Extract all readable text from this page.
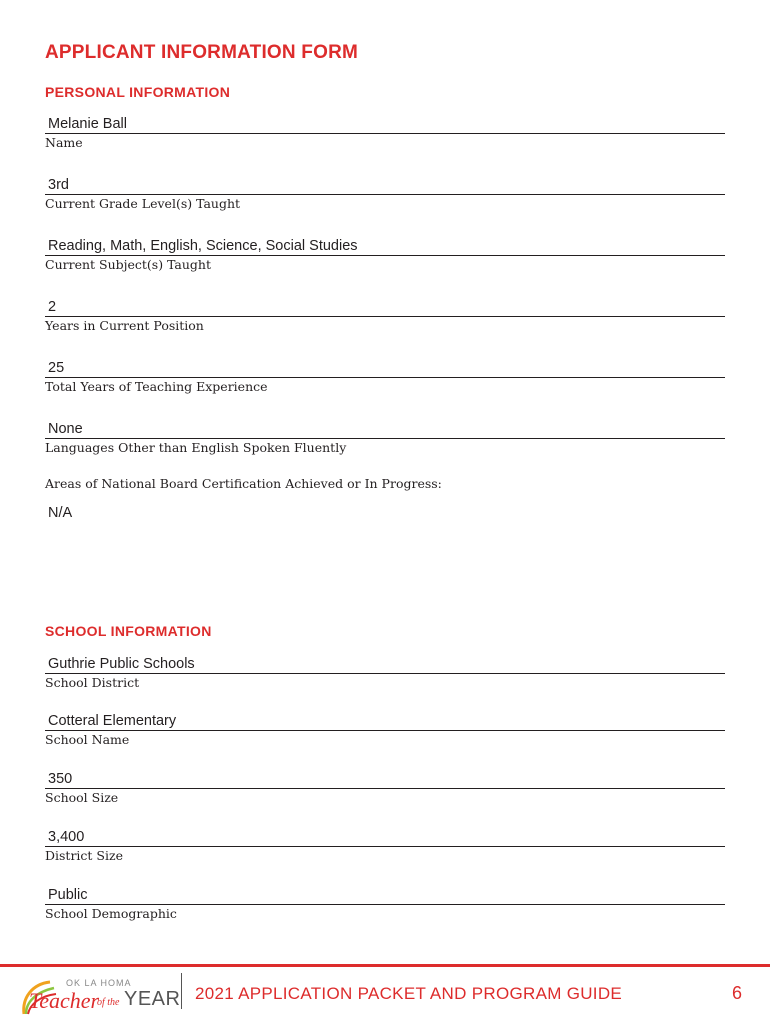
APPLICANT INFORMATION FORM
PERSONAL INFORMATION
Melanie Ball
Name
3rd
Current Grade Level(s) Taught
Reading, Math, English, Science, Social Studies
Current Subject(s) Taught
2
Years in Current Position
25
Total Years of Teaching Experience
None
Languages Other than English Spoken Fluently
Areas of National Board Certification Achieved or In Progress:
N/A
SCHOOL INFORMATION
Guthrie Public Schools
School District
Cotteral Elementary
School Name
350
School Size
3,400
District Size
Public
School Demographic
OK LA HOMA
Teacher
of the YEAR 2021 APPLICATION PACKET AND PROGRAM GUIDE	6
